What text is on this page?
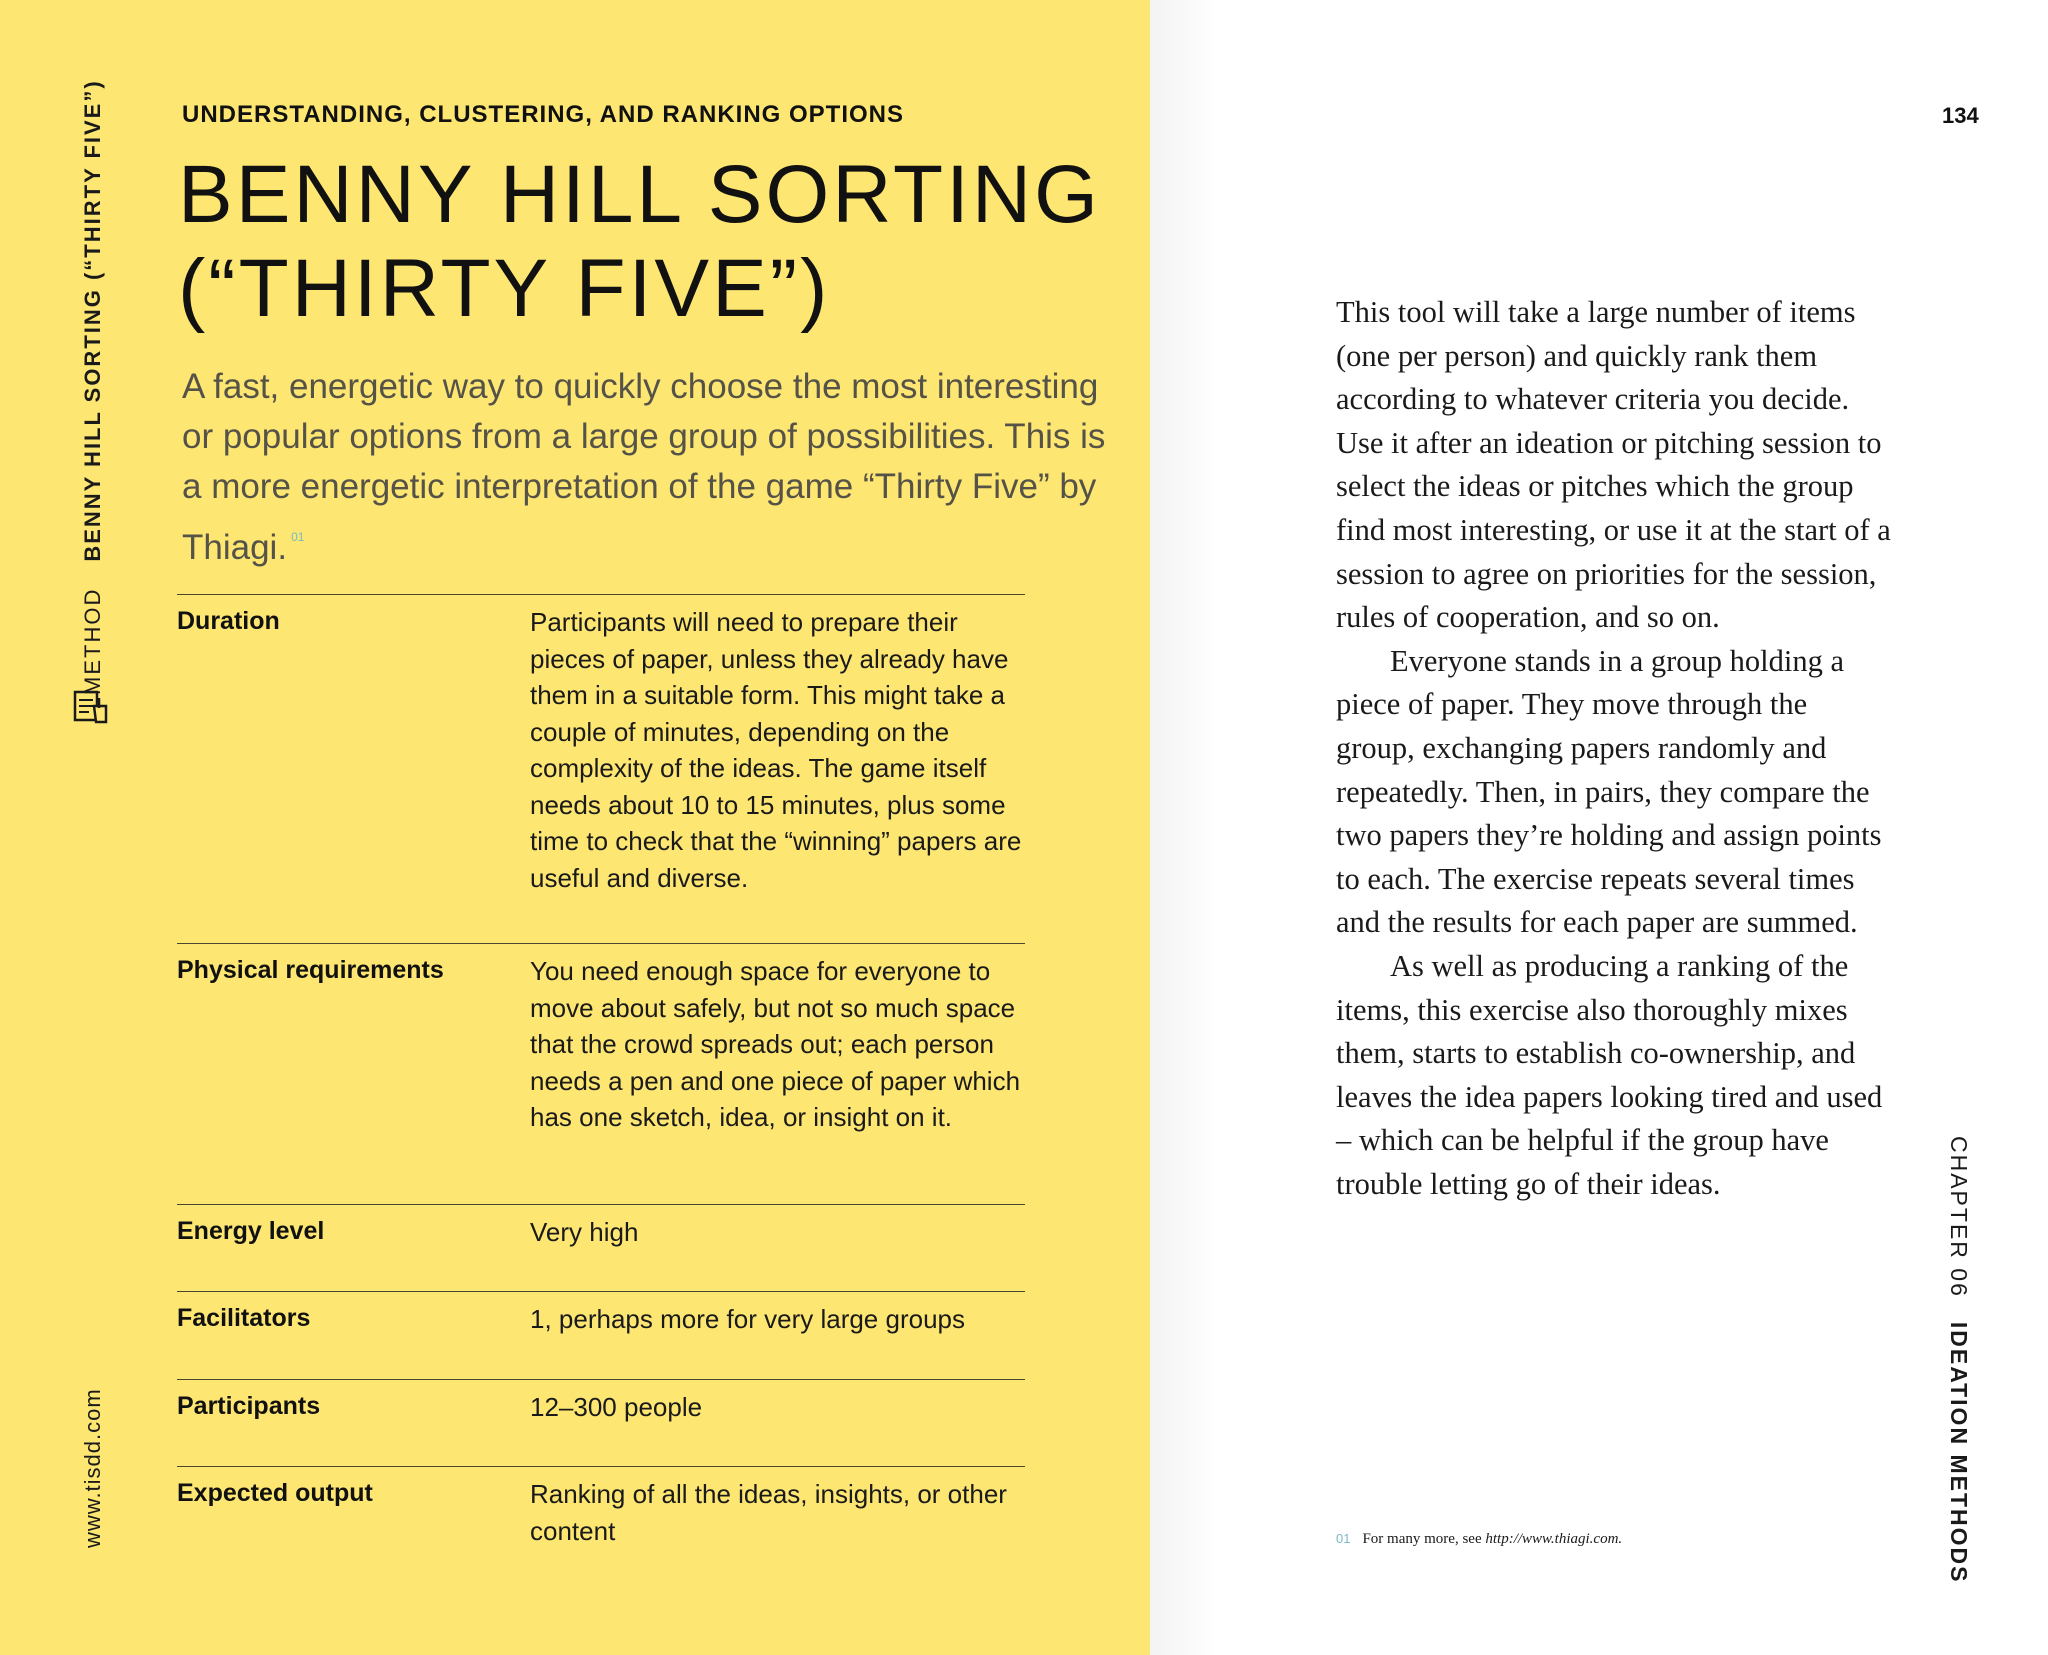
METHODBENNY HILL SORTING (“THIRTY FIVE”)
www.tisdd.com
UNDERSTANDING, CLUSTERING, AND RANKING OPTIONS
BENNY HILL SORTING
(“THIRTY FIVE”)

A fast, energetic way to quickly choose the most interesting or popular options from a large group of possibilities. This is a more energetic interpretation of the game “Thirty Five” by Thiagi. $^{01}$

Duration	Participants will need to prepare their pieces of paper, unless they already have them in a suitable form. This might take a couple of minutes, depending on the complexity of the ideas. The game itself needs about 10 to 15 minutes, plus some time to check that the “winning” papers are useful and diverse.
Physical requirements	You need enough space for everyone to move about safely, but not so much space that the crowd spreads out; each person needs a pen and one piece of paper which has one sketch, idea, or insight on it.
Energy level	Very high
Facilitators	1, perhaps more for very large groups
Participants	12–300 people
Expected output	Ranking of all the ideas, insights, or other content
134

This tool will take a large number of items (one per person) and quickly rank them according to whatever criteria you decide. Use it after an ideation or pitching session to select the ideas or pitches which the group find most interesting, or use it at the start of a session to agree on priorities for the session, rules of cooperation, and so on.

Everyone stands in a group holding a piece of paper. They move through the group, exchanging papers randomly and repeatedly. Then, in pairs, they compare the two papers they’re holding and assign points to each. The exercise repeats several times and the results for each paper are summed.

As well as producing a ranking of the items, this exercise also thoroughly mixes them, starts to establish co-ownership, and leaves the idea papers looking tired and used – which can be helpful if the group have trouble letting go of their ideas.	CHAPTER 06IDEATION METHODS
01 For many more, see http://www.thiagi.com.
